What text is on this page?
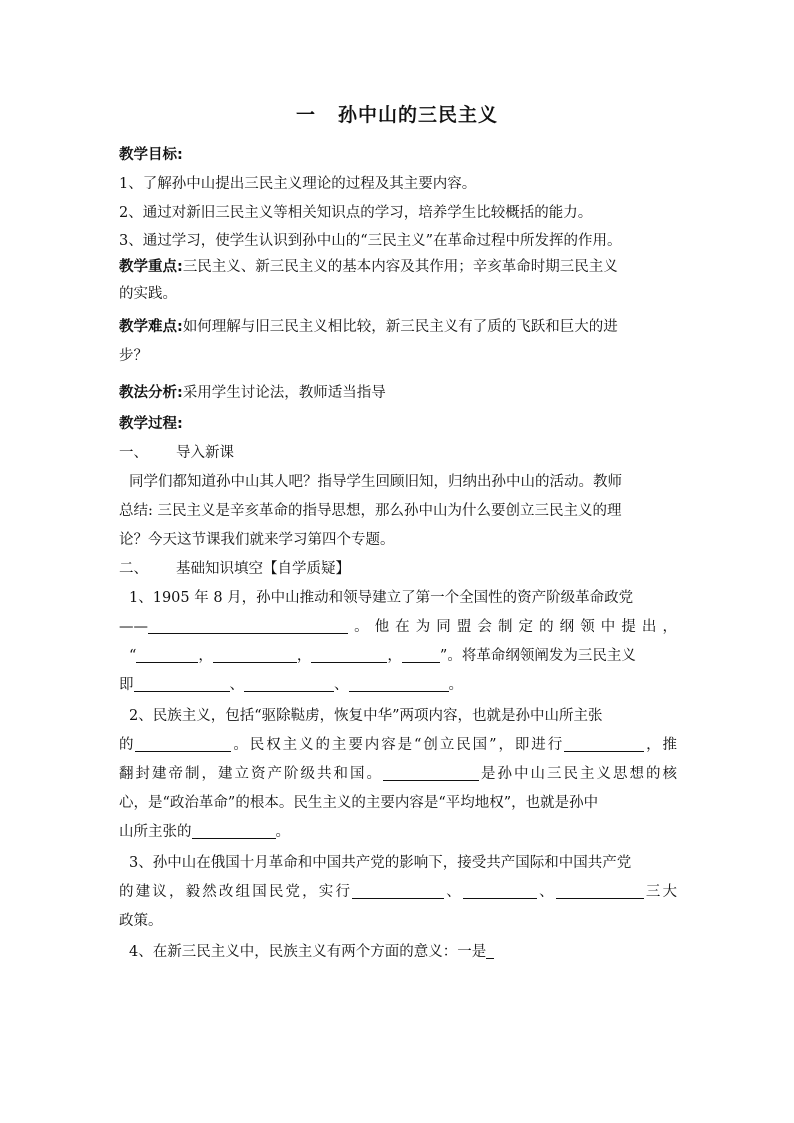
一 孙中山的三民主义

教学目标:

1、了解孙中山提出三民主义理论的过程及其主要内容。

2、通过对新旧三民主义等相关知识点的学习，培养学生比较概括的能力。

3、通过学习，使学生认识到孙中山的“三民主义”在革命过程中所发挥的作用。

教学重点:三民主义、新三民主义的基本内容及其作用；辛亥革命时期三民主义

的实践。

教学难点:如何理解与旧三民主义相比较，新三民主义有了质的飞跃和巨大的进

步？

教法分析:采用学生讨论法，教师适当指导

教学过程:

一、 导入新课

同学们都知道孙中山其人吧？指导学生回顾旧知，归纳出孙中山的活动。教师

总结: 三民主义是辛亥革命的指导思想，那么孙中山为什么要创立三民主义的理

论？今天这节课我们就来学习第四个专题。

二、 基础知识填空【自学质疑】

1、1905 年 8 月，孙中山推动和领导建立了第一个全国性的资产阶级革命政党

——	。他在为同盟会制定的纲领中提出，

“	，	，	，	”。将革命纲领阐发为三民主义

即	、	、	。

2、民族主义，包括“驱除鞑虏，恢复中华”两项内容，也就是孙中山所主张

的	。民权主义的主要内容是“创立民国”，即进行	，推

翻封建帝制，建立资产阶级共和国。	是孙中山三民主义思想的核

心，是“政治革命”的根本。民生主义的主要内容是“平均地权”，也就是孙中

山所主张的	。

3、孙中山在俄国十月革命和中国共产党的影响下，接受共产国际和中国共产党

的建议，毅然改组国民党，实行	、	、	三大

政策。

4、在新三民主义中，民族主义有两个方面的意义：一是
